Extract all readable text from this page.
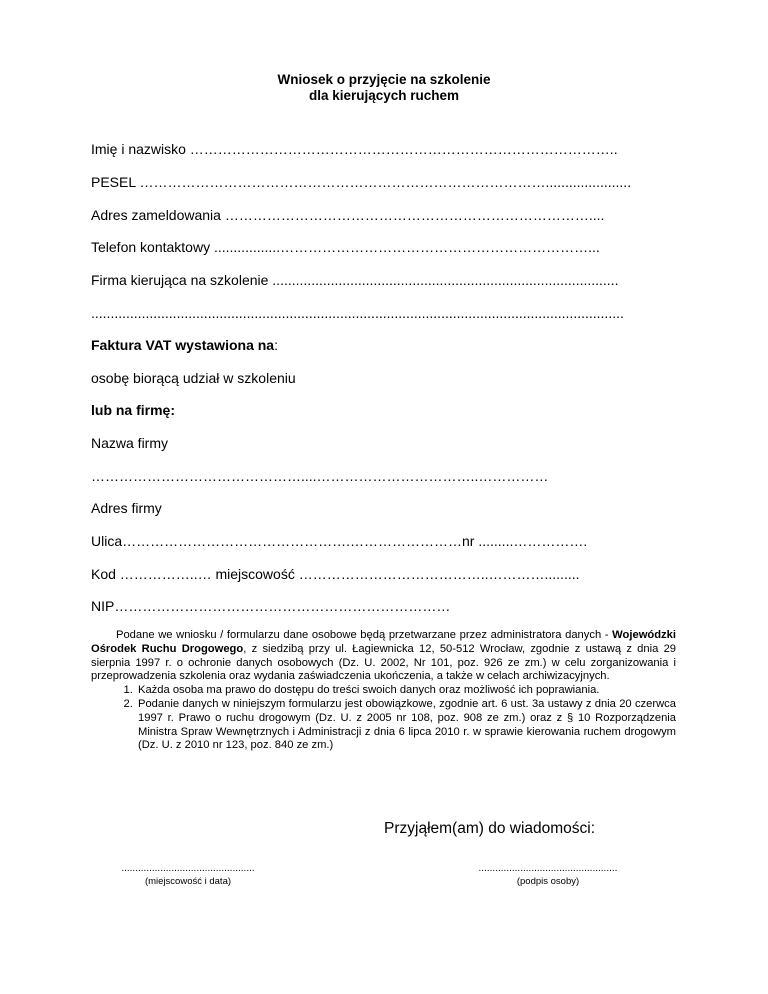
Wniosek o przyjęcie na szkolenie
dla kierujących ruchem
Imię i nazwisko ………………………………………………………………………………..
PESEL ……………………………………………………………………………......................
Adres zameldowania ……………………………………………………………………....
Telefon kontaktowy .................…………………………………………………………...
Firma kierująca na szkolenie .........................................................................................
.........................................................................................................................................
Faktura VAT wystawiona na:
osobę biorącą udział w szkoleniu
lub na firmę:
Nazwa firmy
………………………………………....……………………………..……………
Adres firmy
Ulica………………………………………….……………………nr .........…………….
Kod ……………..… miejscowość …………………………………..………….........
NIP………………………………………………………………

Podane we wniosku / formularzu dane osobowe będą przetwarzane przez administratora danych - Wojewódzki Ośrodek Ruchu Drogowego, z siedzibą przy ul. Łagiewnicka 12, 50-512 Wrocław, zgodnie z ustawą z dnia 29 sierpnia 1997 r. o ochronie danych osobowych (Dz. U. 2002, Nr 101, poz. 926 ze zm.) w celu zorganizowania i przeprowadzenia szkolenia oraz wydania zaświadczenia ukończenia, a także w celach archiwizacyjnych.

1. Każda osoba ma prawo do dostępu do treści swoich danych oraz możliwość ich poprawiania.
2. Podanie danych w niniejszym formularzu jest obowiązkowe, zgodnie art. 6 ust. 3a ustawy z dnia 20 czerwca 1997 r. Prawo o ruchu drogowym (Dz. U. z 2005 nr 108, poz. 908 ze zm.) oraz z § 10 Rozporządzenia Ministra Spraw Wewnętrznych i Administracji z dnia 6 lipca 2010 r. w sprawie kierowania ruchem drogowym (Dz. U. z 2010 nr 123, poz. 840 ze zm.)
Przyjąłem(am) do wiadomości:
................................................
(miejscowość i data)
..................................................
(podpis osoby)
